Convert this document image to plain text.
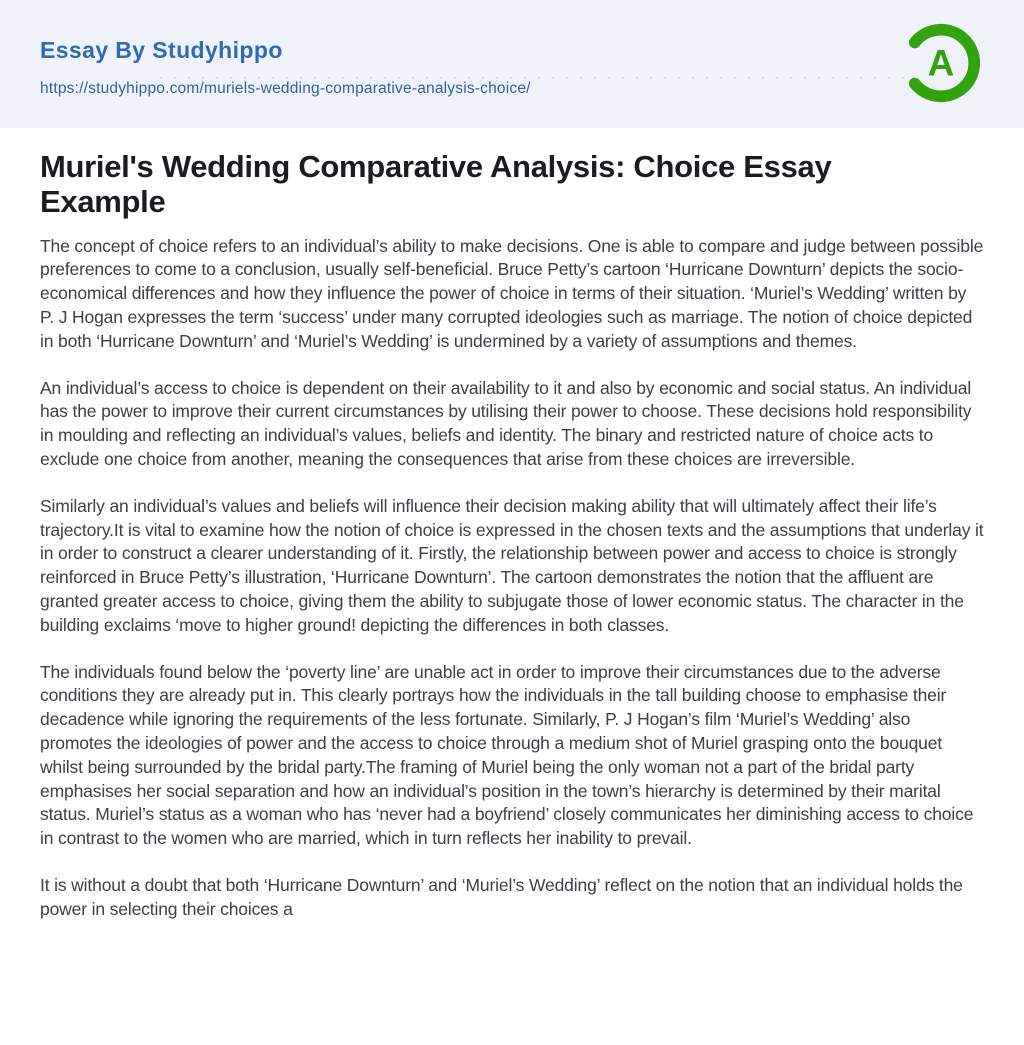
Essay By Studyhippo
https://studyhippo.com/muriels-wedding-comparative-analysis-choice/
A
Muriel's Wedding Comparative Analysis: Choice Essay Example

The concept of choice refers to an individual’s ability to make decisions. One is able to compare and judge between possible preferences to come to a conclusion, usually self-beneficial. Bruce Petty’s cartoon ‘Hurricane Downturn’ depicts the socio-economical differences and how they influence the power of choice in terms of their situation. ‘Muriel’s Wedding’ written by P. J Hogan expresses the term ‘success’ under many corrupted ideologies such as marriage. The notion of choice depicted in both ‘Hurricane Downturn’ and ‘Muriel’s Wedding’ is undermined by a variety of assumptions and themes.

An individual’s access to choice is dependent on their availability to it and also by economic and social status. An individual has the power to improve their current circumstances by utilising their power to choose. These decisions hold responsibility in moulding and reflecting an individual’s values, beliefs and identity. The binary and restricted nature of choice acts to exclude one choice from another, meaning the consequences that arise from these choices are irreversible.

Similarly an individual’s values and beliefs will influence their decision making ability that will ultimately affect their life’s trajectory.It is vital to examine how the notion of choice is expressed in the chosen texts and the assumptions that underlay it in order to construct a clearer understanding of it. Firstly, the relationship between power and access to choice is strongly reinforced in Bruce Petty’s illustration, ‘Hurricane Downturn’. The cartoon demonstrates the notion that the affluent are granted greater access to choice, giving them the ability to subjugate those of lower economic status. The character in the building exclaims ‘move to higher ground! depicting the differences in both classes.

The individuals found below the ‘poverty line’ are unable act in order to improve their circumstances due to the adverse conditions they are already put in. This clearly portrays how the individuals in the tall building choose to emphasise their decadence while ignoring the requirements of the less fortunate. Similarly, P. J Hogan’s film ‘Muriel’s Wedding’ also promotes the ideologies of power and the access to choice through a medium shot of Muriel grasping onto the bouquet whilst being surrounded by the bridal party.The framing of Muriel being the only woman not a part of the bridal party emphasises her social separation and how an individual’s position in the town’s hierarchy is determined by their marital status. Muriel’s status as a woman who has ‘never had a boyfriend’ closely communicates her diminishing access to choice in contrast to the women who are married, which in turn reflects her inability to prevail.

It is without a doubt that both ‘Hurricane Downturn’ and ‘Muriel’s Wedding’ reflect on the notion that an individual holds the power in selecting their choices a
